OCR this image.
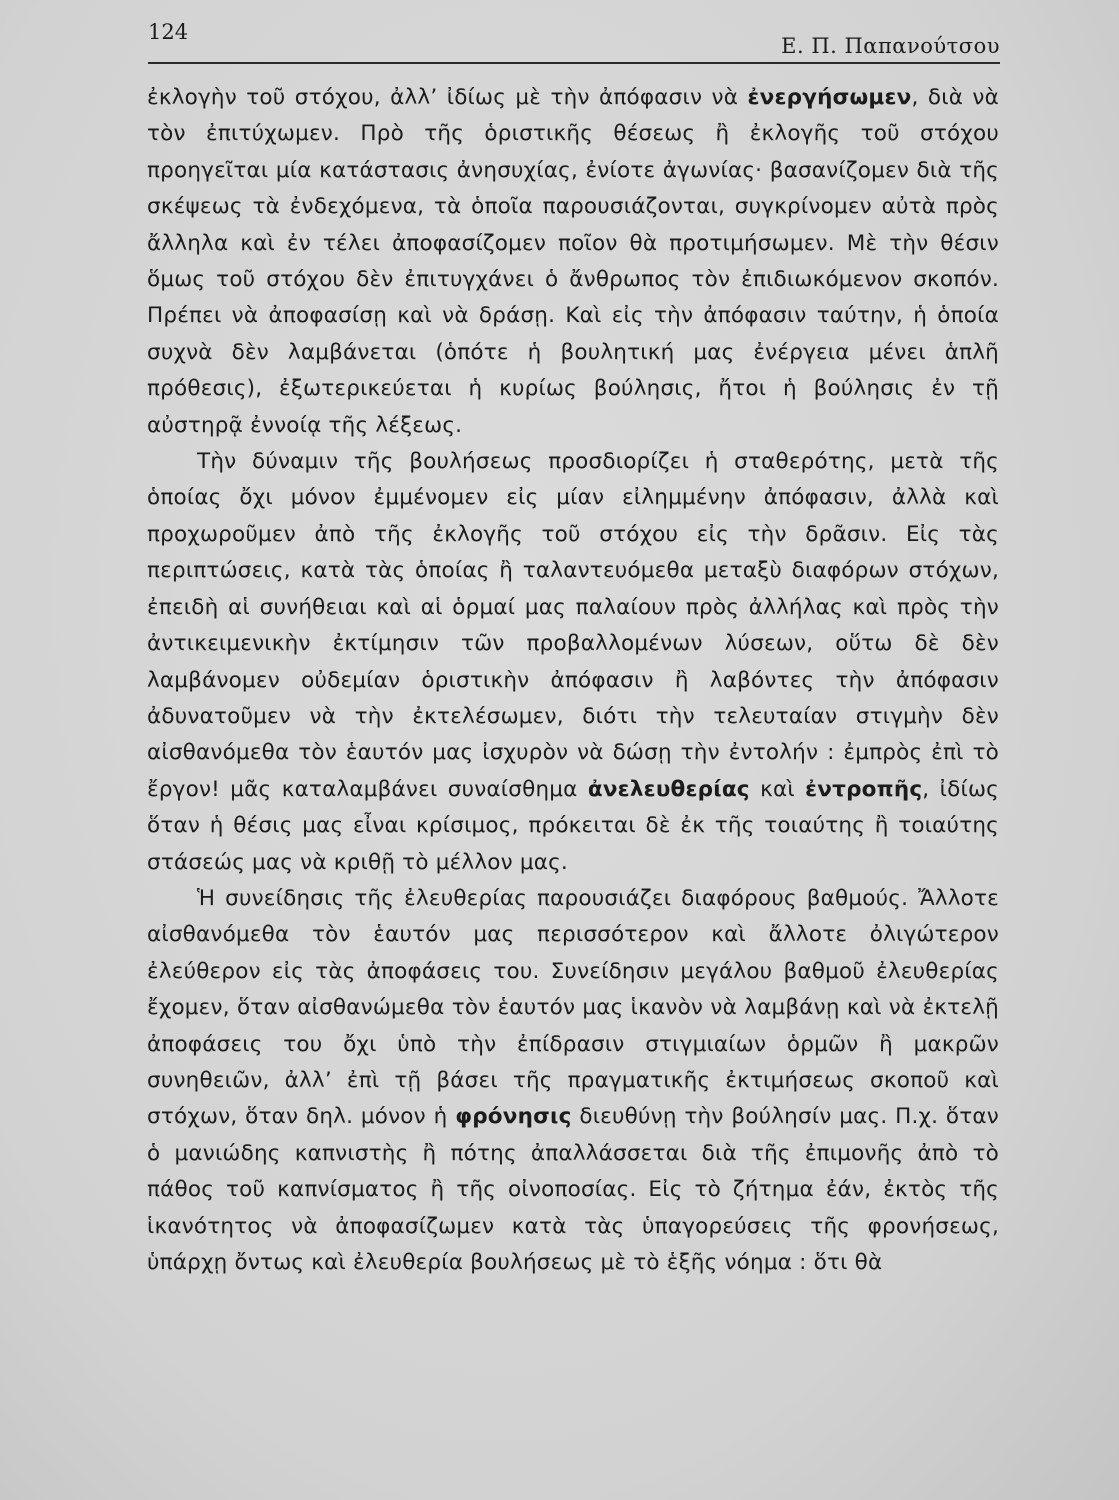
124
Ε. Π. Παπανούτσου

ἐκλογὴν τοῦ στόχου, ἀλλ’ ἰδίως μὲ τὴν ἀπόφασιν νὰ ἐνεργήσωμεν, διὰ νὰ τὸν ἐπιτύχωμεν. Πρὸ τῆς ὁριστικῆς θέσεως ἢ ἐκλογῆς τοῦ στόχου προηγεῖται μία κατάστασις ἀνησυχίας, ἐνίοτε ἀγωνίας· βασανίζομεν διὰ τῆς σκέψεως τὰ ἐνδεχόμενα, τὰ ὁποῖα παρουσιάζονται, συγκρίνομεν αὐτὰ πρὸς ἄλληλα καὶ ἐν τέλει ἀποφασίζομεν ποῖον θὰ προτιμήσωμεν. Μὲ τὴν θέσιν ὅμως τοῦ στόχου δὲν ἐπιτυγχάνει ὁ ἄνθρωπος τὸν ἐπιδιωκόμενον σκοπόν. Πρέπει νὰ ἀποφασίσῃ καὶ νὰ δράσῃ. Καὶ εἰς τὴν ἀπόφασιν ταύτην, ἡ ὁποία συχνὰ δὲν λαμβάνεται (ὁπότε ἡ βουλητική μας ἐνέργεια μένει ἁπλῆ πρόθεσις), ἐξωτερικεύεται ἡ κυρίως βούλησις, ἤτοι ἡ βούλησις ἐν τῇ αὐστηρᾷ ἐννοίᾳ τῆς λέξεως.

Τὴν δύναμιν τῆς βουλήσεως προσδιορίζει ἡ σταθερότης, μετὰ τῆς ὁποίας ὄχι μόνον ἐμμένομεν εἰς μίαν εἰλημμένην ἀπόφασιν, ἀλλὰ καὶ προχωροῦμεν ἀπὸ τῆς ἐκλογῆς τοῦ στόχου εἰς τὴν δρᾶσιν. Εἰς τὰς περιπτώσεις, κατὰ τὰς ὁποίας ἢ ταλαντευόμεθα μεταξὺ διαφόρων στόχων, ἐπειδὴ αἱ συνήθειαι καὶ αἱ ὁρμαί μας παλαίουν πρὸς ἀλλήλας καὶ πρὸς τὴν ἀντικειμενικὴν ἐκτίμησιν τῶν προβαλλομένων λύσεων, οὕτω δὲ δὲν λαμβάνομεν οὐδεμίαν ὁριστικὴν ἀπόφασιν ἢ λαβόντες τὴν ἀπόφασιν ἀδυνατοῦμεν νὰ τὴν ἐκτελέσωμεν, διότι τὴν τελευταίαν στιγμὴν δὲν αἰσθανόμεθα τὸν ἑαυτόν μας ἰσχυρὸν νὰ δώσῃ τὴν ἐντολήν : ἐμπρὸς ἐπὶ τὸ ἔργον! μᾶς καταλαμβάνει συναίσθημα ἀνελευθερίας καὶ ἐντροπῆς, ἰδίως ὅταν ἡ θέσις μας εἶναι κρίσιμος, πρόκειται δὲ ἐκ τῆς τοιαύτης ἢ τοιαύτης στάσεώς μας νὰ κριθῇ τὸ μέλλον μας.

Ἡ συνείδησις τῆς ἐλευθερίας παρουσιάζει διαφόρους βαθμούς. Ἄλλοτε αἰσθανόμεθα τὸν ἑαυτόν μας περισσότερον καὶ ἄλλοτε ὀλιγώτερον ἐλεύθερον εἰς τὰς ἀποφάσεις του. Συνείδησιν μεγάλου βαθμοῦ ἐλευθερίας ἔχομεν, ὅταν αἰσθανώμεθα τὸν ἑαυτόν μας ἱκανὸν νὰ λαμβάνῃ καὶ νὰ ἐκτελῇ ἀποφάσεις του ὄχι ὑπὸ τὴν ἐπίδρασιν στιγμιαίων ὁρμῶν ἢ μακρῶν συνηθειῶν, ἀλλ’ ἐπὶ τῇ βάσει τῆς πραγματικῆς ἐκτιμήσεως σκοποῦ καὶ στόχων, ὅταν δηλ. μόνον ἡ φρόνησις διευθύνῃ τὴν βούλησίν μας. Π.χ. ὅταν ὁ μανιώδης καπνιστὴς ἢ πότης ἀπαλλάσσεται διὰ τῆς ἐπιμονῆς ἀπὸ τὸ πάθος τοῦ καπνίσματος ἢ τῆς οἰνοποσίας. Εἰς τὸ ζήτημα ἐάν, ἐκτὸς τῆς ἱκανότητος νὰ ἀποφασίζωμεν κατὰ τὰς ὑπαγορεύσεις τῆς φρονήσεως, ὑπάρχῃ ὄντως καὶ ἐλευθερία βουλήσεως μὲ τὸ ἑξῆς νόημα : ὅτι θὰ
